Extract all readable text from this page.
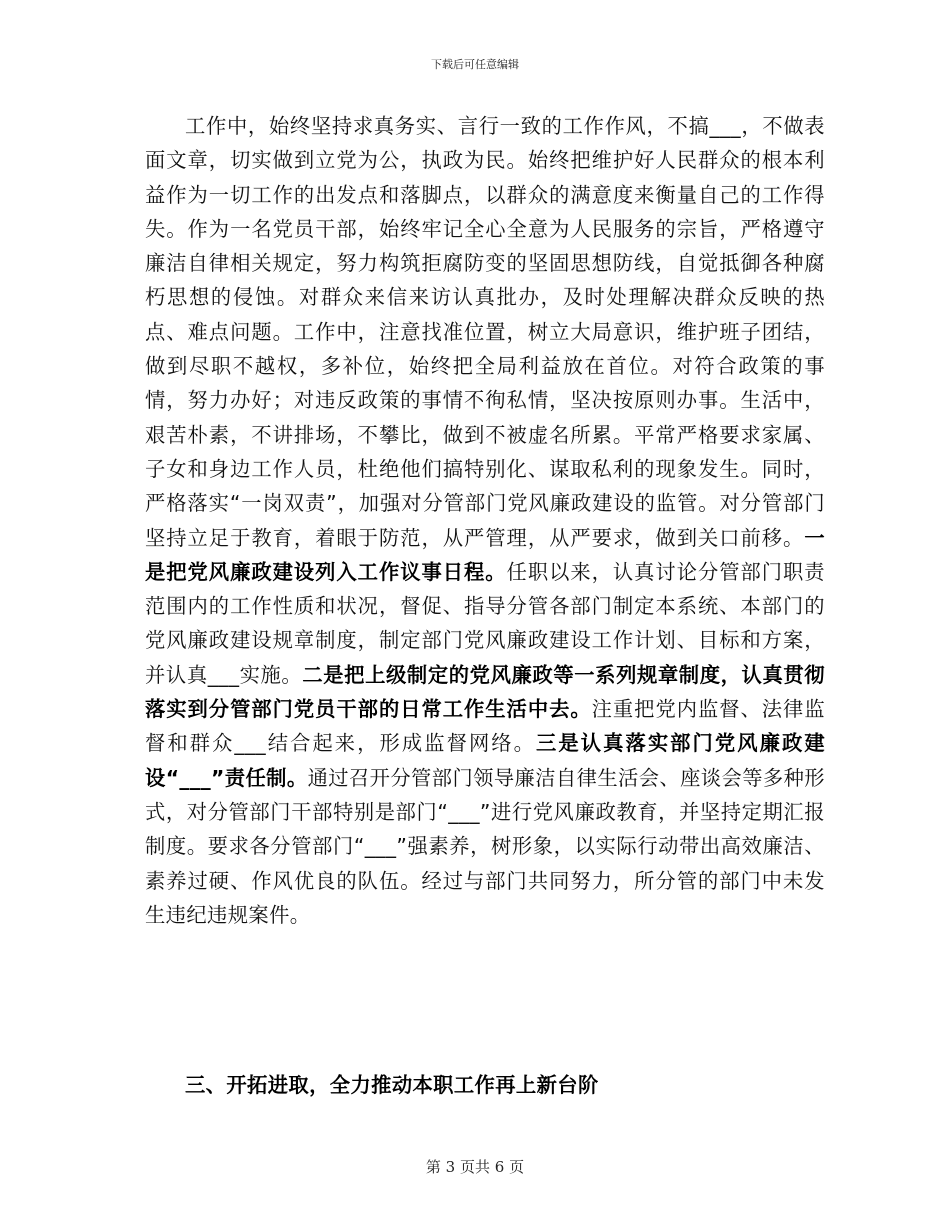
下载后可任意编辑

工作中，始终坚持求真务实、言行一致的工作作风，不搞___，不做表面文章，切实做到立党为公，执政为民。始终把维护好人民群众的根本利益作为一切工作的出发点和落脚点，以群众的满意度来衡量自己的工作得失。作为一名党员干部，始终牢记全心全意为人民服务的宗旨，严格遵守廉洁自律相关规定，努力构筑拒腐防变的坚固思想防线，自觉抵御各种腐朽思想的侵蚀。对群众来信来访认真批办，及时处理解决群众反映的热点、难点问题。工作中，注意找准位置，树立大局意识，维护班子团结，做到尽职不越权，多补位，始终把全局利益放在首位。对符合政策的事情，努力办好；对违反政策的事情不徇私情，坚决按原则办事。生活中，艰苦朴素，不讲排场，不攀比，做到不被虚名所累。平常严格要求家属、子女和身边工作人员，杜绝他们搞特别化、谋取私利的现象发生。同时，严格落实“一岗双责”，加强对分管部门党风廉政建设的监管。对分管部门坚持立足于教育，着眼于防范，从严管理，从严要求，做到关口前移。一是把党风廉政建设列入工作议事日程。任职以来，认真讨论分管部门职责范围内的工作性质和状况，督促、指导分管各部门制定本系统、本部门的党风廉政建设规章制度，制定部门党风廉政建设工作计划、目标和方案，并认真___实施。二是把上级制定的党风廉政等一系列规章制度，认真贯彻落实到分管部门党员干部的日常工作生活中去。注重把党内监督、法律监督和群众___结合起来，形成监督网络。三是认真落实部门党风廉政建设“___”责任制。通过召开分管部门领导廉洁自律生活会、座谈会等多种形式，对分管部门干部特别是部门“___”进行党风廉政教育，并坚持定期汇报制度。要求各分管部门“___”强素养，树形象，以实际行动带出高效廉洁、素养过硬、作风优良的队伍。经过与部门共同努力，所分管的部门中未发生违纪违规案件。

三、开拓进取，全力推动本职工作再上新台阶
第 3 页共 6 页
